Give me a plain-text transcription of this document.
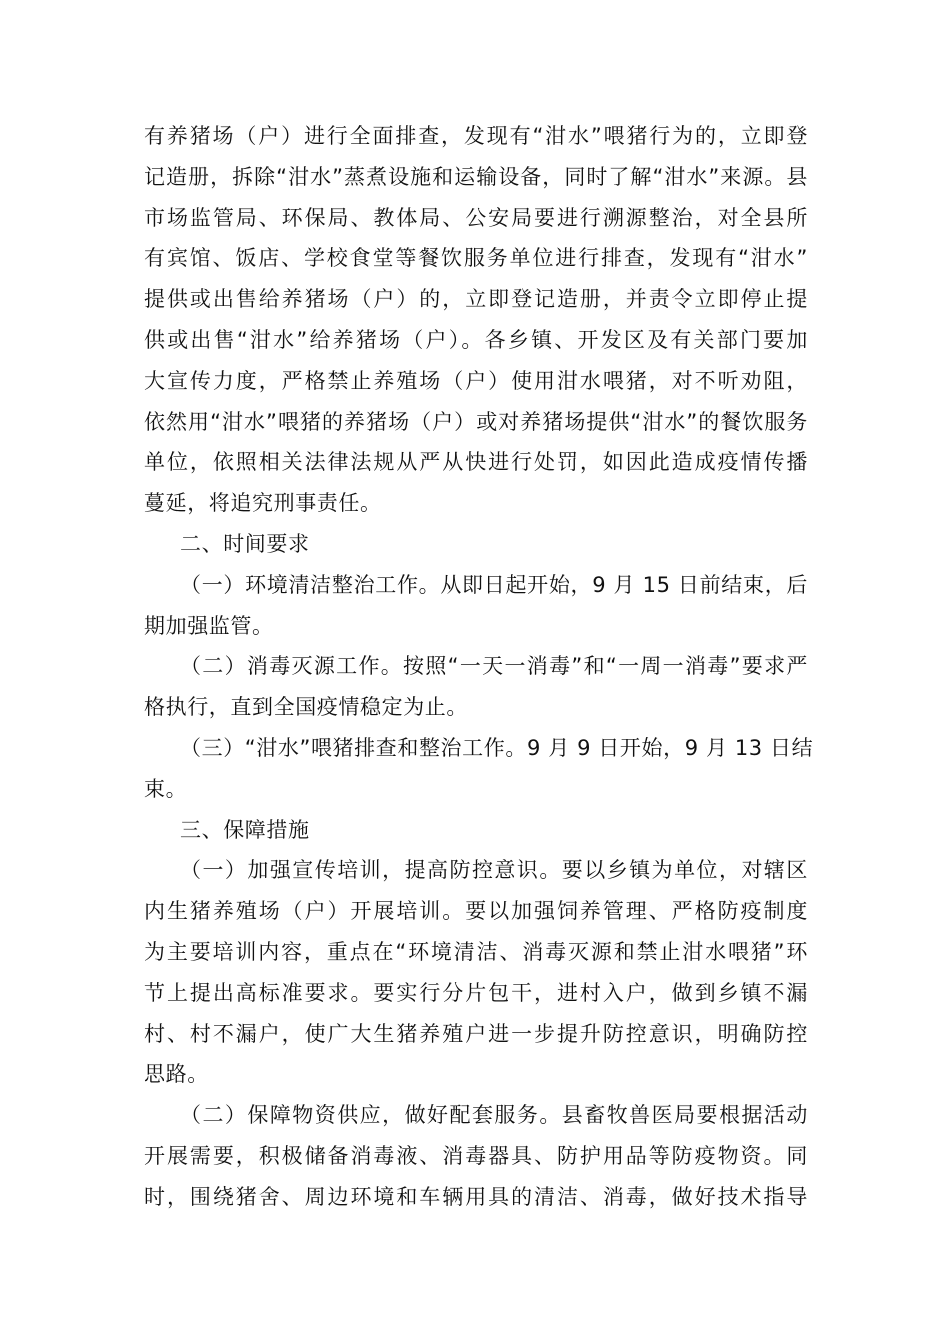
有养猪场（户）进行全面排查，发现有“泔水”喂猪行为的，立即登
记造册，拆除“泔水”蒸煮设施和运输设备，同时了解“泔水”来源。县
市场监管局、环保局、教体局、公安局要进行溯源整治，对全县所
有宾馆、饭店、学校食堂等餐饮服务单位进行排查，发现有“泔水”
提供或出售给养猪场（户）的，立即登记造册，并责令立即停止提
供或出售“泔水”给养猪场（户）。各乡镇、开发区及有关部门要加
大宣传力度，严格禁止养殖场（户）使用泔水喂猪，对不听劝阻，
依然用“泔水”喂猪的养猪场（户）或对养猪场提供“泔水”的餐饮服务
单位，依照相关法律法规从严从快进行处罚，如因此造成疫情传播
蔓延，将追究刑事责任。
二、时间要求
（一）环境清洁整治工作。从即日起开始，9 月 15 日前结束，后
期加强监管。
（二）消毒灭源工作。按照“一天一消毒”和“一周一消毒”要求严
格执行，直到全国疫情稳定为止。
（三）“泔水”喂猪排查和整治工作。9 月 9 日开始，9 月 13 日结
束。
三、保障措施
（一）加强宣传培训，提高防控意识。要以乡镇为单位，对辖区
内生猪养殖场（户）开展培训。要以加强饲养管理、严格防疫制度
为主要培训内容，重点在“环境清洁、消毒灭源和禁止泔水喂猪”环
节上提出高标准要求。要实行分片包干，进村入户，做到乡镇不漏
村、村不漏户，使广大生猪养殖户进一步提升防控意识，明确防控
思路。
（二）保障物资供应，做好配套服务。县畜牧兽医局要根据活动
开展需要，积极储备消毒液、消毒器具、防护用品等防疫物资。同
时，围绕猪舍、周边环境和车辆用具的清洁、消毒，做好技术指导
